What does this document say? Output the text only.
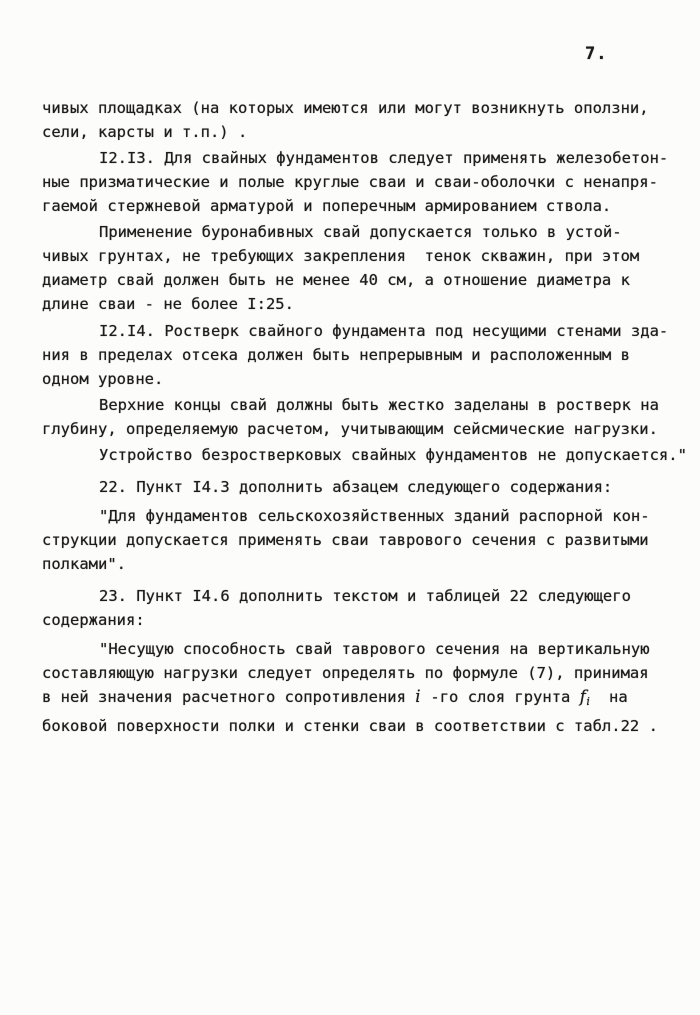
7.
чивых площадках (на которых имеются или могут возникнуть оползни,
сели, карсты и т.п.) .
I2.I3. Для свайных фундаментов следует применять железобетон-
ные призматические и полые круглые сваи и сваи-оболочки с ненапря-
гаемой стержневой арматурой и поперечным армированием ствола.
Применение буронабивных свай допускается только в устой-
чивых грунтах, не требующих закрепления  тенок скважин, при этом
диаметр свай должен быть не менее 40 см, а отношение диаметра к
длине сваи - не более I:25.
I2.I4. Ростверк свайного фундамента под несущими стенами зда-
ния в пределах отсека должен быть непрерывным и расположенным в
одном уровне.
Верхние концы свай должны быть жестко заделаны в ростверк на
глубину, определяемую расчетом, учитывающим сейсмические нагрузки.
Устройство безростверковых свайных фундаментов не допускается."
22. Пункт I4.3 дополнить абзацем следующего содержания:
"Для фундаментов сельскохозяйственных зданий распорной кон-
струкции допускается применять сваи таврового сечения с развитыми
полками".
23. Пункт I4.6 дополнить текстом и таблицей 22 следующего
содержания:
"Несущую способность свай таврового сечения на вертикальную
составляющую нагрузки следует определять по формуле (7), принимая
в ней значения расчетного сопротивления i -го слоя грунта $f_i$  на
боковой поверхности полки и стенки сваи в соответствии с табл.22 .
